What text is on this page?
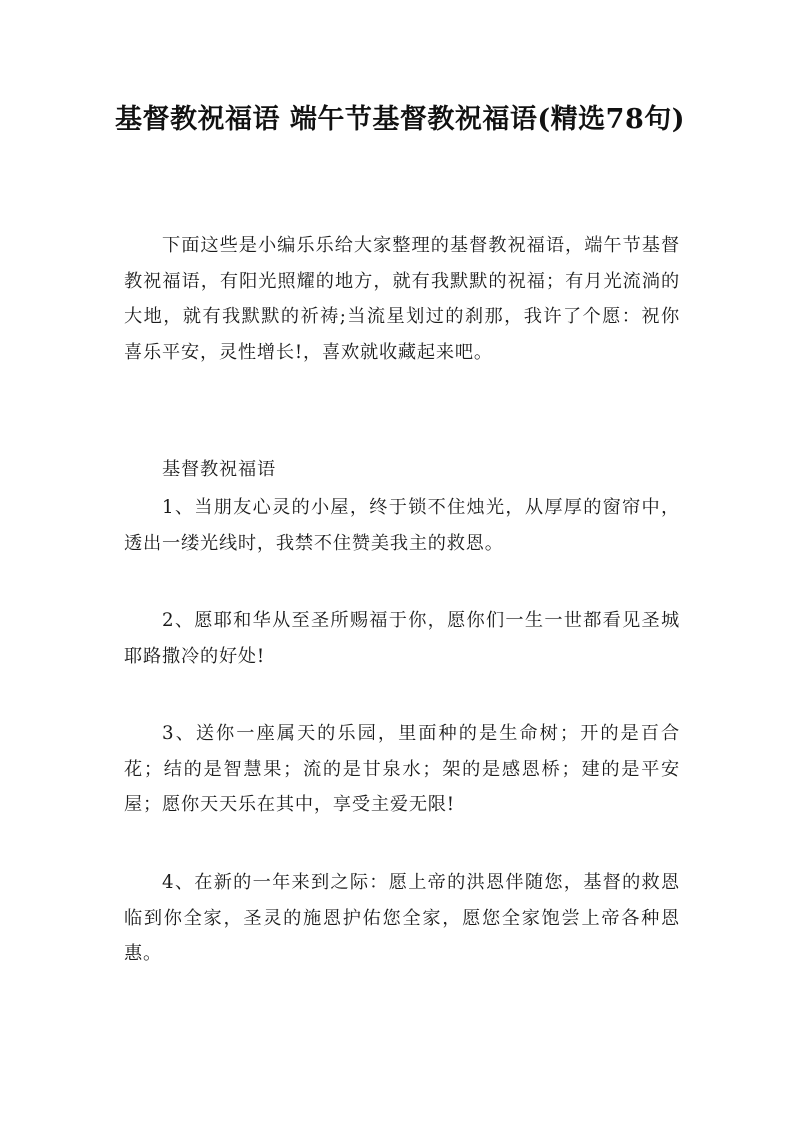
基督教祝福语 端午节基督教祝福语(精选78句)
下面这些是小编乐乐给大家整理的基督教祝福语，端午节基督教祝福语，有阳光照耀的地方，就有我默默的祝福；有月光流淌的大地，就有我默默的祈祷;当流星划过的刹那，我许了个愿：祝你喜乐平安，灵性增长!，喜欢就收藏起来吧。
基督教祝福语
1、当朋友心灵的小屋，终于锁不住烛光，从厚厚的窗帘中，透出一缕光线时，我禁不住赞美我主的救恩。
2、愿耶和华从至圣所赐福于你，愿你们一生一世都看见圣城耶路撒冷的好处!
3、送你一座属天的乐园，里面种的是生命树；开的是百合花；结的是智慧果；流的是甘泉水；架的是感恩桥；建的是平安屋；愿你天天乐在其中，享受主爱无限!
4、在新的一年来到之际：愿上帝的洪恩伴随您，基督的救恩临到你全家，圣灵的施恩护佑您全家，愿您全家饱尝上帝各种恩惠。
